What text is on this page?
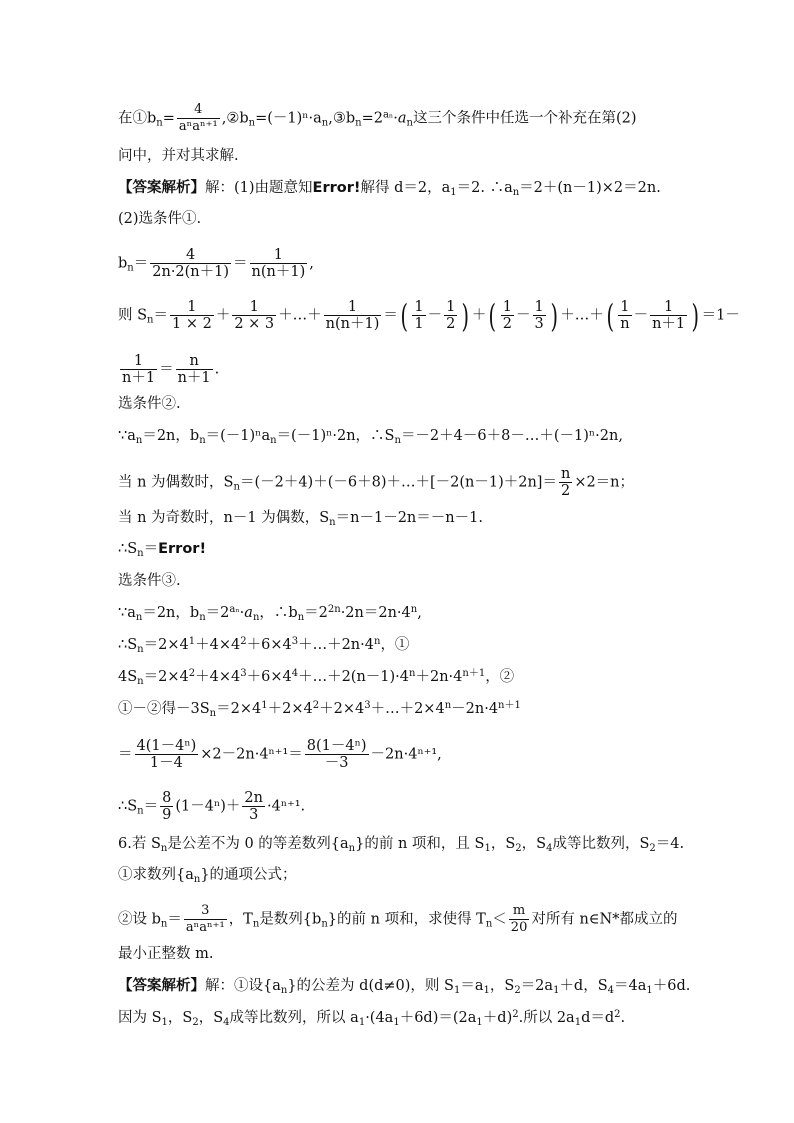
在$①b_n= \frac{4}{\text{aⁿaⁿ⁺¹}}$ $,②b_n=(-1)^n\cdot a_n,③b_n=2^{a_n}\cdot a_n$这三个条件中任选一个补充在第(2)
问中，并对其求解.
【答案解析】解：(1)由题意知Error!解得 d＝2，$a_1=2$. $\therefore a_n=2+(n-1)\times 2=2n$.
(2)选条件①.
$b_n= \frac{4}{2n\cdot 2(n+1)} = \frac{1}{n(n+1)}$ ,
则 $S_n= \frac{1}{1 \times 2} + \frac{1}{2 \times 3}$ ＋…＋ $\frac{1}{n(n+1)}$ ＝( $\frac{1}{1} - \frac{1}{2}$ ) ＋( $\frac{1}{2} - \frac{1}{3}$ ) ＋…＋( $\frac{1}{n} - \frac{1}{n+1}$ ) ＝1－
$\frac{1}{n+1} = \frac{n}{n+1}$ .
选条件②.
$\because a_n=2n$，$b_n=(-1)^na_n=(-1)^n\cdot 2n$，$\therefore S_n=-2+4-6+8-\dots+(-1)^n\cdot 2n$,
当 n 为偶数时，$S_n=(-2+4)+(-6+8)+\dots+[-2(n-1)+2n]= \frac{n}{2} \times 2=n$；
当 n 为奇数时，n－1 为偶数，$S_n=n-1-2n=-n-1$.
$\therefore S_n=Error$!
选条件③.
$\because a_n=2n$，$b_n=2^{a_n}\cdot a_n$，$\therefore b_n=2^{2n}\cdot 2n=2n\cdot 4^n$,
$\therefore S_n=2\times 4^1+4\times 4^2+6\times 4^3+\dots+2n\cdot 4^n$，①
$4S_n=2\times 4^2+4\times 4^3+6\times 4^4+\dots+2(n-1)\cdot 4^n+2n\cdot 4^{n+1}$，②
①－②得$-3S_n=2\times 4^1+2\times 4^2+2\times 4^3+\dots+2\times 4^n-2n\cdot 4^{n+1}$
＝ $\frac{\text{4(1－4ⁿ)}}{1-4} \times 2-2n\cdot 4^{n+1}= \frac{\text{8(1－4ⁿ)}}{-3} -2n\cdot 4^{n+1}$,
$\therefore S_n= \frac{8}{9} (1-4^n)+ \frac{2n}{3} \cdot 4^{n+1}$.
6.若 $S_n$是公差不为 0 的等差数列$\{a_n\}$的前 n 项和，且 $S_1$，$S_2$，$S_4$成等比数列，$S_2=4$.
①求数列$\{a_n\}$的通项公式；
②设 $b_n= \frac{3}{\text{aⁿaⁿ⁺¹}}$ ，$T_n$是数列$\{b_n\}$的前 n 项和，求使得 $T_n< \frac{m}{20}$ 对所有 n∈N*都成立的
最小正整数 m.
【答案解析】解：①设$\{a_n\}$的公差为 d(d≠0)，则 $S_1=a_1$，$S_2=2a_1+d$，$S_4=4a_1+6d$.
因为 $S_1$，$S_2$，$S_4$成等比数列，所以 $a_1\cdot(4a_1+6d)=(2a_1+d)^2$.所以 $2a_1d=d^2$.
